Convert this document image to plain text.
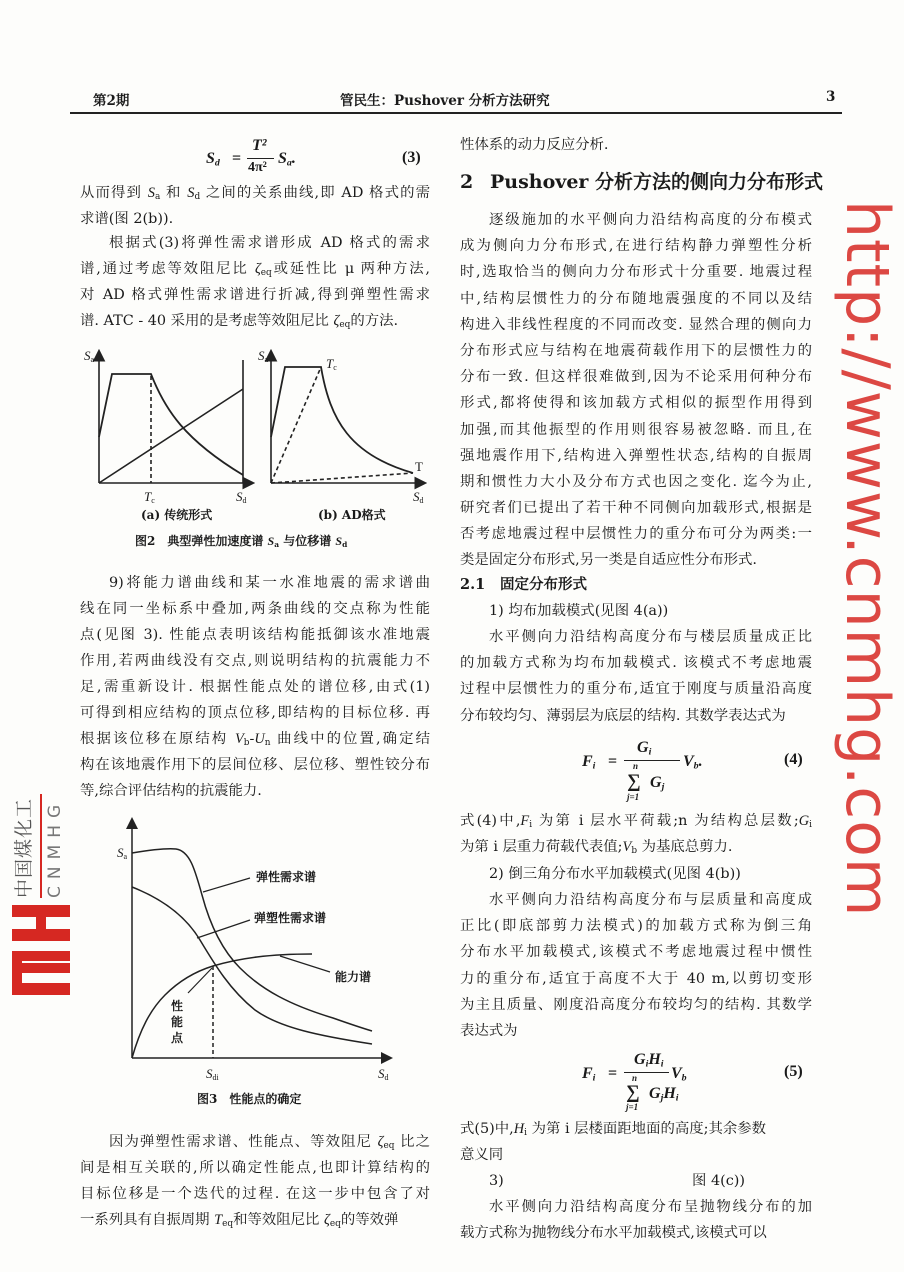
第2期	管民生：Pushover 分析方法研究	3
$S_d$ =
T²
4π²
$S_a$.	(3)
从而得到 $S_a$ 和 $S_d$ 之间的关系曲线,即 AD 格式的需
求谱(图 2(b)).
根据式(3)将弹性需求谱形成 AD 格式的需求
谱,通过考虑等效阻尼比 $\zeta_{eq}$或延性比 μ 两种方法,
对 AD 格式弹性需求谱进行折减,得到弹塑性需求
谱. ATC - 40 采用的是考虑等效阻尼比 $\zeta_{eq}$的方法.
$S_a$
$T_c$	$S_d$
(a) 传统形式
$S_a$	$T_c$
T
$S_d$
(b) AD格式
图2　典型弹性加速度谱 $S_a$ 与位移谱 $S_d$
9)将能力谱曲线和某一水准地震的需求谱曲
线在同一坐标系中叠加,两条曲线的交点称为性能
点(见图 3). 性能点表明该结构能抵御该水准地震
作用,若两曲线没有交点,则说明结构的抗震能力不
足,需重新设计. 根据性能点处的谱位移,由式(1)
可得到相应结构的顶点位移,即结构的目标位移. 再
根据该位移在原结构 $V_b-U_n$ 曲线中的位置,确定结
构在该地震作用下的层间位移、层位移、塑性铰分布
等,综合评估结构的抗震能力.
$S_a$
弹性需求谱
弹塑性需求谱
能力谱
性能点
$S_{di}$	$S_d$
图3　性能点的确定
因为弹塑性需求谱、性能点、等效阻尼 $\zeta_{eq}$ 比之
间是相互关联的,所以确定性能点,也即计算结构的
目标位移是一个迭代的过程. 在这一步中包含了对
一系列具有自振周期 $T_{eq}$和等效阻尼比 $\zeta_{eq}$的等效弹
性体系的动力反应分析.
2 Pushover 分析方法的侧向力分布形式
逐级施加的水平侧向力沿结构高度的分布模式
成为侧向力分布形式,在进行结构静力弹塑性分析
时,选取恰当的侧向力分布形式十分重要. 地震过程
中,结构层惯性力的分布随地震强度的不同以及结
构进入非线性程度的不同而改变. 显然合理的侧向力
分布形式应与结构在地震荷载作用下的层惯性力的
分布一致. 但这样很难做到,因为不论采用何种分布
形式,都将使得和该加载方式相似的振型作用得到
加强,而其他振型的作用则很容易被忽略. 而且,在
强地震作用下,结构进入弹塑性状态,结构的自振周
期和惯性力大小及分布方式也因之变化. 迄今为止,
研究者们已提出了若干种不同侧向加载形式,根据是
否考虑地震过程中层惯性力的重分布可分为两类:一
类是固定分布形式,另一类是自适应性分布形式.
2.1 固定分布形式
1) 均布加载模式(见图 4(a))
水平侧向力沿结构高度分布与楼层质量成正比
的加载方式称为均布加载模式. 该模式不考虑地震
过程中层惯性力的重分布,适宜于刚度与质量沿高度
分布较均匀、薄弱层为底层的结构. 其数学表达式为
$F_i$ =
$G_i$
n
∑
j=1
$G_j$
$V_b$.	(4)
式(4)中$,F_i$ 为第 i 层水平荷载;n 为结构总层数$;G_i$
为第 i 层重力荷载代表值$;V_b$ 为基底总剪力.
2) 倒三角分布水平加载模式(见图 4(b))
水平侧向力沿结构高度分布与层质量和高度成
正比(即底部剪力法模式)的加载方式称为倒三角
分布水平加载模式,该模式不考虑地震过程中惯性
力的重分布,适宜于高度不大于 40 m,以剪切变形
为主且质量、刚度沿高度分布较均匀的结构. 其数学
表达式为
$F_i$ =
$G_iH_i$
n
∑
j=1
$G_jH_i$
$V_b$	(5)
式(5)中$,H_i$ 为第 i 层楼面距地面的高度;其余参数
意义同
3)	图 4(c))
水平侧向力沿结构高度分布呈抛物线分布的加
载方式称为抛物线分布水平加载模式,该模式可以
http://www.cnmhg.com
中国煤化工 CNMHG
